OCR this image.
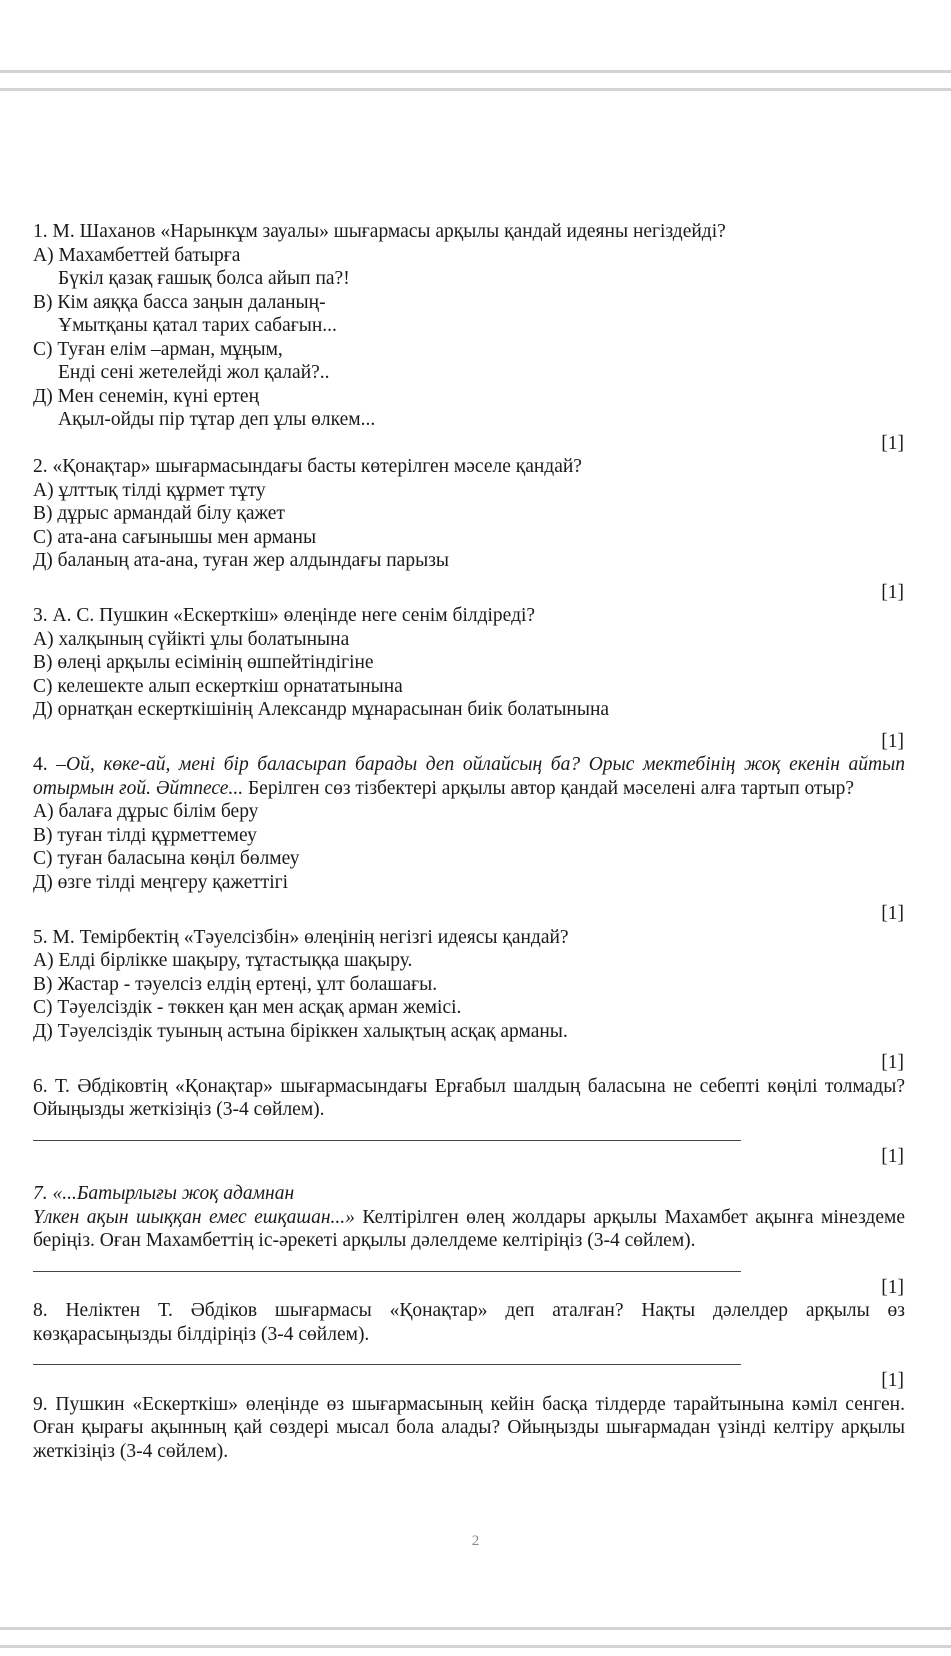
1. М. Шаханов «Нарынкұм зауалы» шығармасы арқылы қандай идеяны негіздейді?
А) Махамбеттей батырға
Бүкіл қазақ ғашық болса айып па?!
В) Кім аяққа басса заңын даланың-
Ұмытқаны қатал тарих сабағын...
С) Туған елім –арман, мұңым,
Енді сені жетелейді жол қалай?..
Д) Мен сенемін, күні ертең
Ақыл-ойды пір тұтар деп ұлы өлкем...
[1]
2. «Қонақтар» шығармасындағы басты көтерілген мәселе қандай?
А) ұлттық тілді құрмет тұту
В) дұрыс армандай білу қажет
С) ата-ана сағынышы мен арманы
Д) баланың ата-ана, туған жер алдындағы парызы
[1]
3. А. С. Пушкин «Ескерткіш» өлеңінде неге сенім білдіреді?
А) халқының сүйікті ұлы болатынына
В) өлеңі арқылы есімінің өшпейтіндігіне
С) келешекте алып ескерткіш орнататынына
Д) орнатқан ескерткішінің Александр мұнарасынан биік болатынына
[1]
4. –Ой, көке-ай, мені бір баласырап барады деп ойлайсың ба? Орыс мектебінің жоқ екенін айтып отырмын ғой. Әйтпесе... Берілген сөз тізбектері арқылы автор қандай мәселені алға тартып отыр?
А) балаға дұрыс білім беру
В) туған тілді құрметтемеу
С) туған баласына көңіл бөлмеу
Д) өзге тілді меңгеру қажеттігі
[1]
5. М. Темірбектің «Тәуелсізбін» өлеңінің негізгі идеясы қандай?
А) Елді бірлікке шақыру, тұтастыққа шақыру.
В) Жастар - тәуелсіз елдің ертеңі, ұлт болашағы.
С) Тәуелсіздік - төккен қан мен асқақ арман жемісі.
Д) Тәуелсіздік туының астына біріккен халықтың асқақ арманы.
[1]
6. Т. Әбдіковтің «Қонақтар» шығармасындағы Ерғабыл шалдың баласына не себепті көңілі толмады? Ойыңызды жеткізіңіз (3-4 сөйлем).
[1]
7. «...Батырлығы жоқ адамнан
Үлкен ақын шыққан емес ешқашан...» Келтірілген өлең жолдары арқылы Махамбет ақынға мінездеме беріңіз. Оған Махамбеттің іс-әрекеті арқылы дәлелдеме келтіріңіз (3-4 сөйлем).
[1]
8. Неліктен Т. Әбдіков шығармасы «Қонақтар» деп аталған? Нақты дәлелдер арқылы өз көзқарасыңызды білдіріңіз (3-4 сөйлем).
[1]
9. Пушкин «Ескерткіш» өлеңінде өз шығармасының кейін басқа тілдерде тарайтынына кәміл сенген. Оған қырағы ақынның қай сөздері мысал бола алады? Ойыңызды шығармадан үзінді келтіру арқылы жеткізіңіз (3-4 сөйлем).
2
